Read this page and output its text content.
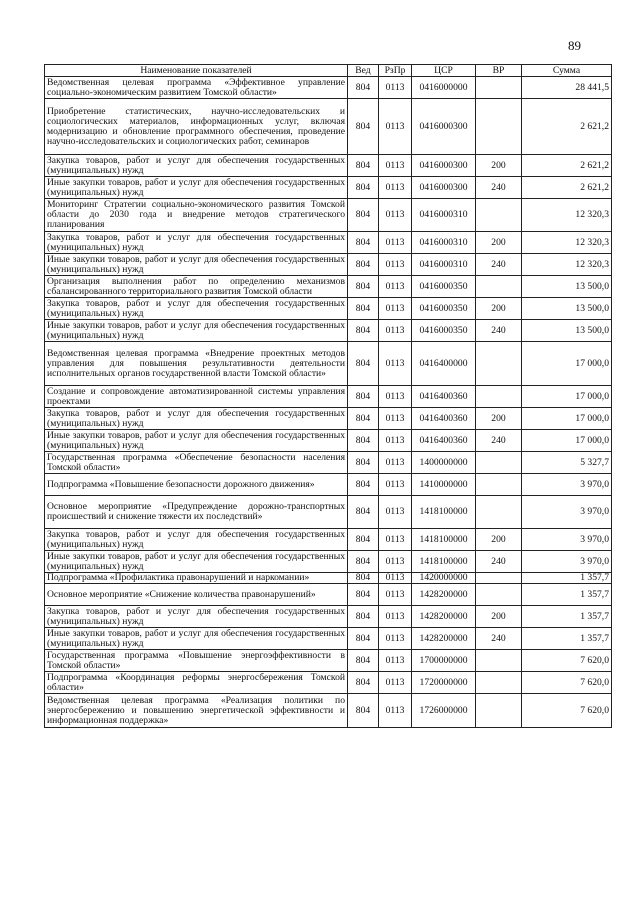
89
Наименование показателей	Вед	РзПр	ЦСР	ВР	Сумма
Ведомственная целевая программа «Эффективное управление социально-экономическим развитием Томской области»	804	0113	0416000000		28 441,5
Приобретение статистических, научно-исследовательских и социологических материалов, информационных услуг, включая модернизацию и обновление программного обеспечения, проведение научно-исследовательских и социологических работ, семинаров	804	0113	0416000300		2 621,2
Закупка товаров, работ и услуг для обеспечения государственных (муниципальных) нужд	804	0113	0416000300	200	2 621,2
Иные закупки товаров, работ и услуг для обеспечения государственных (муниципальных) нужд	804	0113	0416000300	240	2 621,2
Мониторинг Стратегии социально-экономического развития Томской области до 2030 года и внедрение методов стратегического планирования	804	0113	0416000310		12 320,3
Закупка товаров, работ и услуг для обеспечения государственных (муниципальных) нужд	804	0113	0416000310	200	12 320,3
Иные закупки товаров, работ и услуг для обеспечения государственных (муниципальных) нужд	804	0113	0416000310	240	12 320,3
Организация выполнения работ по определению механизмов сбалансированного территориального развития Томской области	804	0113	0416000350		13 500,0
Закупка товаров, работ и услуг для обеспечения государственных (муниципальных) нужд	804	0113	0416000350	200	13 500,0
Иные закупки товаров, работ и услуг для обеспечения государственных (муниципальных) нужд	804	0113	0416000350	240	13 500,0
Ведомственная целевая программа «Внедрение проектных методов управления для повышения результативности деятельности исполнительных органов государственной власти Томской области»	804	0113	0416400000		17 000,0
Создание и сопровождение автоматизированной системы управления проектами	804	0113	0416400360		17 000,0
Закупка товаров, работ и услуг для обеспечения государственных (муниципальных) нужд	804	0113	0416400360	200	17 000,0
Иные закупки товаров, работ и услуг для обеспечения государственных (муниципальных) нужд	804	0113	0416400360	240	17 000,0
Государственная программа «Обеспечение безопасности населения Томской области»	804	0113	1400000000		5 327,7
Подпрограмма «Повышение безопасности дорожного движения»	804	0113	1410000000		3 970,0
Основное мероприятие «Предупреждение дорожно-транспортных происшествий и снижение тяжести их последствий»	804	0113	1418100000		3 970,0
Закупка товаров, работ и услуг для обеспечения государственных (муниципальных) нужд	804	0113	1418100000	200	3 970,0
Иные закупки товаров, работ и услуг для обеспечения государственных (муниципальных) нужд	804	0113	1418100000	240	3 970,0
Подпрограмма «Профилактика правонарушений и наркомании»	804	0113	1420000000		1 357,7
Основное мероприятие «Снижение количества правонарушений»	804	0113	1428200000		1 357,7
Закупка товаров, работ и услуг для обеспечения государственных (муниципальных) нужд	804	0113	1428200000	200	1 357,7
Иные закупки товаров, работ и услуг для обеспечения государственных (муниципальных) нужд	804	0113	1428200000	240	1 357,7
Государственная программа «Повышение энергоэффективности в Томской области»	804	0113	1700000000		7 620,0
Подпрограмма «Координация реформы энергосбережения Томской области»	804	0113	1720000000		7 620,0
Ведомственная целевая программа «Реализация политики по энергосбережению и повышению энергетической эффективности и информационная поддержка»	804	0113	1726000000		7 620,0
